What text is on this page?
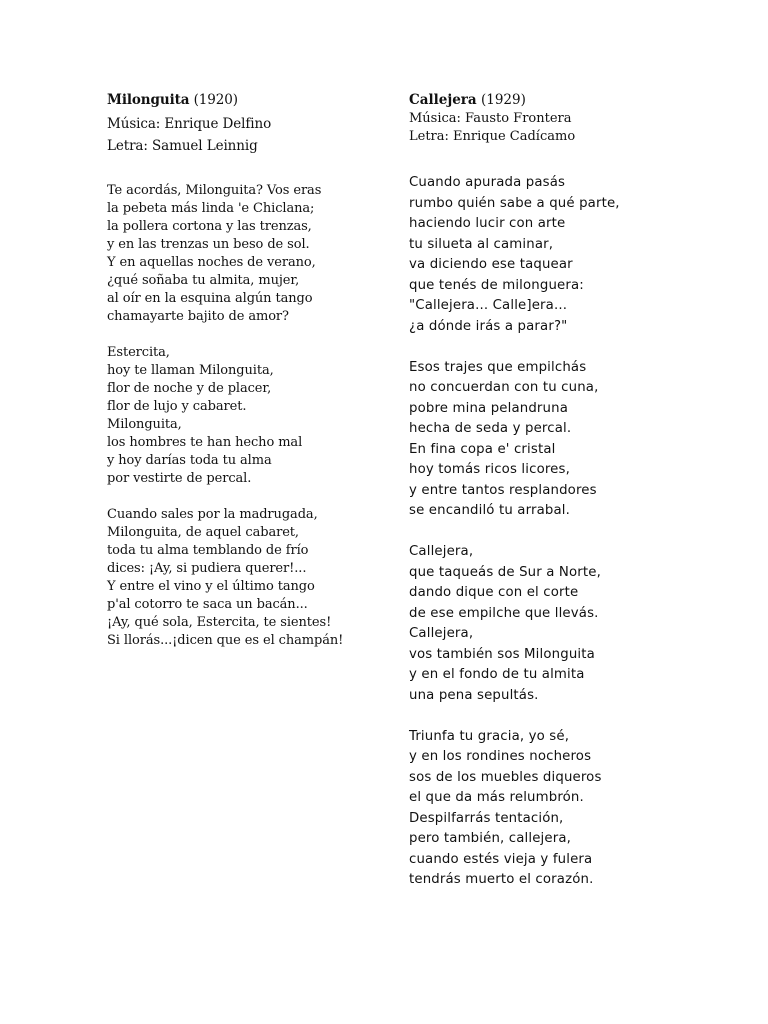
Milonguita (1920)

Música: Enrique Delfino

Letra: Samuel Leinnig

Te acordás, Milonguita? Vos eras
la pebeta más linda 'e Chiclana;
la pollera cortona y las trenzas,
y en las trenzas un beso de sol.
Y en aquellas noches de verano,
¿qué soñaba tu almita, mujer,
al oír en la esquina algún tango
chamayarte bajito de amor?
Estercita,
hoy te llaman Milonguita,
flor de noche y de placer,
flor de lujo y cabaret.
Milonguita,
los hombres te han hecho mal
y hoy darías toda tu alma
por vestirte de percal.
Cuando sales por la madrugada,
Milonguita, de aquel cabaret,
toda tu alma temblando de frío
dices: ¡Ay, si pudiera querer!...
Y entre el vino y el último tango
p'al cotorro te saca un bacán...
¡Ay, qué sola, Estercita, te sientes!
Si llorás...¡dicen que es el champán!

Callejera (1929)

Música: Fausto Frontera

Letra: Enrique Cadícamo

Cuando apurada pasás
rumbo quién sabe a qué parte,
haciendo lucir con arte
tu silueta al caminar,
va diciendo ese taquear
que tenés de milonguera:
"Callejera... Calle]era...
¿a dónde irás a parar?"
Esos trajes que empilchás
no concuerdan con tu cuna,
pobre mina pelandruna
hecha de seda y percal.
En fina copa e' cristal
hoy tomás ricos licores,
y entre tantos resplandores
se encandiló tu arrabal.
Callejera,
que taqueás de Sur a Norte,
dando dique con el corte
de ese empilche que llevás.
Callejera,
vos también sos Milonguita
y en el fondo de tu almita
una pena sepultás.
Triunfa tu gracia, yo sé,
y en los rondines nocheros
sos de los muebles diqueros
el que da más relumbrón.
Despilfarrás tentación,
pero también, callejera,
cuando estés vieja y fulera
tendrás muerto el corazón.
